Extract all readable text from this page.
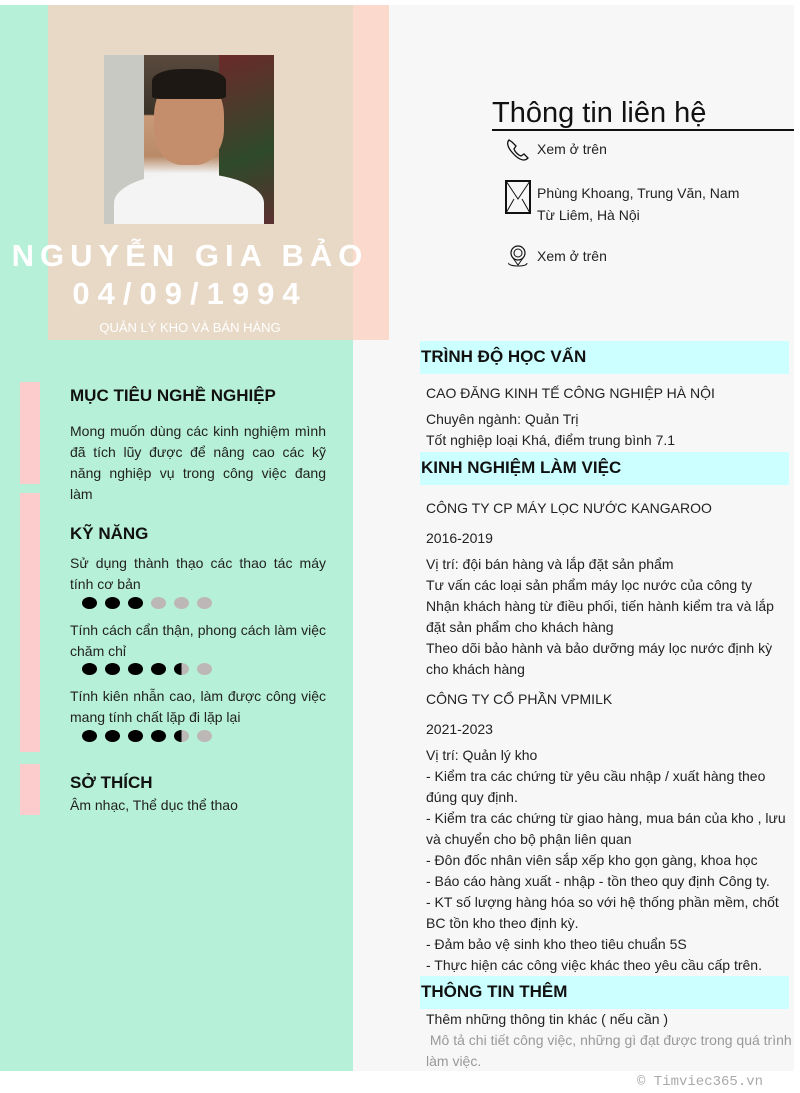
NGUYỄN GIA BẢO
04/09/1994
QUẢN LÝ KHO VÀ BÁN HÀNG
MỤC TIÊU NGHỀ NGHIỆP
Mong muốn dùng các kinh nghiệm mình đã tích lũy được để nâng cao các kỹ năng nghiệp vụ trong công việc đang làm
KỸ NĂNG
Sử dụng thành thạo các thao tác máy tính cơ bản
Tính cách cẩn thận, phong cách làm việc chăm chỉ
Tính kiên nhẫn cao, làm được công việc mang tính chất lặp đi lặp lại
SỞ THÍCH
Âm nhạc, Thể dục thể thao
Thông tin liên hệ
Xem ở trên
Phùng Khoang, Trung Văn, Nam
Từ Liêm, Hà Nội
Xem ở trên
TRÌNH ĐỘ HỌC VẤN
CAO ĐĂNG KINH TẾ CÔNG NGHIỆP HÀ NỘI
Chuyên ngành: Quản Trị
Tốt nghiệp loại Khá, điểm trung bình 7.1
KINH NGHIỆM LÀM VIỆC
CÔNG TY CP MÁY LỌC NƯỚC KANGAROO
2016-2019
Vị trí: đội bán hàng và lắp đặt sản phẩm
Tư vấn các loại sản phẩm máy lọc nước của công ty
Nhận khách hàng từ điều phối, tiến hành kiểm tra và lắp đặt sản phẩm cho khách hàng
Theo dõi bảo hành và bảo dưỡng máy lọc nước định kỳ cho khách hàng
CÔNG TY CỔ PHẦN VPMILK
2021-2023
Vị trí: Quản lý kho
- Kiểm tra các chứng từ yêu cầu nhập / xuất hàng theo đúng quy định.
- Kiểm tra các chứng từ giao hàng, mua bán của kho , lưu và chuyển cho bộ phận liên quan
- Đôn đốc nhân viên sắp xếp kho gọn gàng, khoa học
- Báo cáo hàng xuất - nhập - tồn theo quy định Công ty.
- KT số lượng hàng hóa so với hệ thống phần mềm, chốt BC tồn kho theo định kỳ.
- Đảm bảo vệ sinh kho theo tiêu chuẩn 5S
- Thực hiện các công việc khác theo yêu cầu cấp trên.
THÔNG TIN THÊM
Thêm những thông tin khác ( nếu cần )
Mô tả chi tiết công việc, những gì đạt được trong quá trình làm việc.
© Timviec365.vn
